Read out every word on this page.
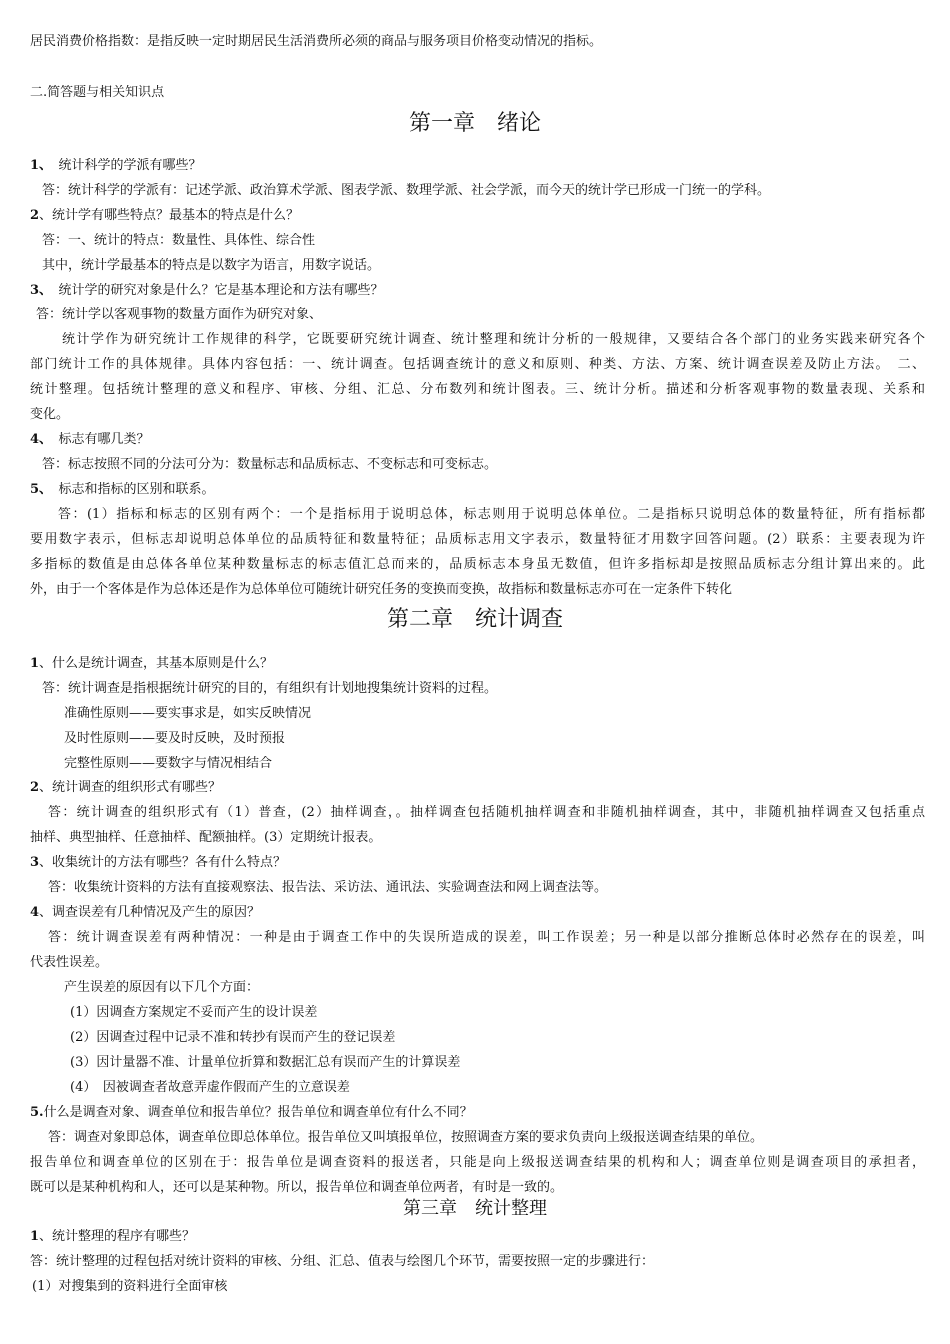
居民消费价格指数：是指反映一定时期居民生活消费所必须的商品与服务项目价格变动情况的指标。
二.简答题与相关知识点
第一章　绪论
1、　统计科学的学派有哪些？
答：统计科学的学派有：记述学派、政治算术学派、图表学派、数理学派、社会学派，而今天的统计学已形成一门统一的学科。
2、统计学有哪些特点？最基本的特点是什么？
答：一、统计的特点：数量性、具体性、综合性
其中，统计学最基本的特点是以数字为语言，用数字说话。
3、　统计学的研究对象是什么？它是基本理论和方法有哪些？
答：统计学以客观事物的数量方面作为研究对象、
统计学作为研究统计工作规律的科学，它既要研究统计调查、统计整理和统计分析的一般规律，又要结合各个部门的业务实践来研究各个
部门统计工作的具体规律。具体内容包括：一、统计调查。包括调查统计的意义和原则、种类、方法、方案、统计调查误差及防止方法。　二、
统计整理。包括统计整理的意义和程序、审核、分组、汇总、分布数列和统计图表。三、统计分析。描述和分析客观事物的数量表现、关系和
变化。
4、　标志有哪几类？
答：标志按照不同的分法可分为：数量标志和品质标志、不变标志和可变标志。
5、　标志和指标的区别和联系。
答：(1）指标和标志的区别有两个：一个是指标用于说明总体，标志则用于说明总体单位。二是指标只说明总体的数量特征，所有指标都
要用数字表示，但标志却说明总体单位的品质特征和数量特征；品质标志用文字表示，数量特征才用数字回答问题。(2）联系：主要表现为许
多指标的数值是由总体各单位某种数量标志的标志值汇总而来的，品质标志本身虽无数值，但许多指标却是按照品质标志分组计算出来的。此
外，由于一个客体是作为总体还是作为总体单位可随统计研究任务的变换而变换，故指标和数量标志亦可在一定条件下转化
第二章　统计调查
1、什么是统计调查，其基本原则是什么？
答：统计调查是指根据统计研究的目的，有组织有计划地搜集统计资料的过程。
准确性原则——要实事求是，如实反映情况
及时性原则——要及时反映，及时预报
完整性原则——要数字与情况相结合
2、统计调查的组织形式有哪些？
答：统计调查的组织形式有（1）普查，(2）抽样调查，。抽样调查包括随机抽样调查和非随机抽样调查，其中，非随机抽样调查又包括重点
抽样、典型抽样、任意抽样、配额抽样。(3）定期统计报表。
3、收集统计的方法有哪些？各有什么特点？
答：收集统计资料的方法有直接观察法、报告法、采访法、通讯法、实验调查法和网上调查法等。
4、调查误差有几种情况及产生的原因？
答：统计调查误差有两种情况：一种是由于调查工作中的失误所造成的误差，叫工作误差；另一种是以部分推断总体时必然存在的误差，叫
代表性误差。
产生误差的原因有以下几个方面：
(1）因调查方案规定不妥而产生的设计误差
(2）因调查过程中记录不准和转抄有误而产生的登记误差
(3）因计量器不准、计量单位折算和数据汇总有误而产生的计算误差
(4）　因被调查者故意弄虚作假而产生的立意误差
5.什么是调查对象、调查单位和报告单位？报告单位和调查单位有什么不同？
答：调查对象即总体，调查单位即总体单位。报告单位又叫填报单位，按照调查方案的要求负责向上级报送调查结果的单位。
报告单位和调查单位的区别在于：报告单位是调查资料的报送者，只能是向上级报送调查结果的机构和人；调查单位则是调查项目的承担者，
既可以是某种机构和人，还可以是某种物。所以，报告单位和调查单位两者，有时是一致的。
第三章　统计整理
1、统计整理的程序有哪些？
答：统计整理的过程包括对统计资料的审核、分组、汇总、值表与绘图几个环节，需要按照一定的步骤进行：
(1）对搜集到的资料进行全面审核
